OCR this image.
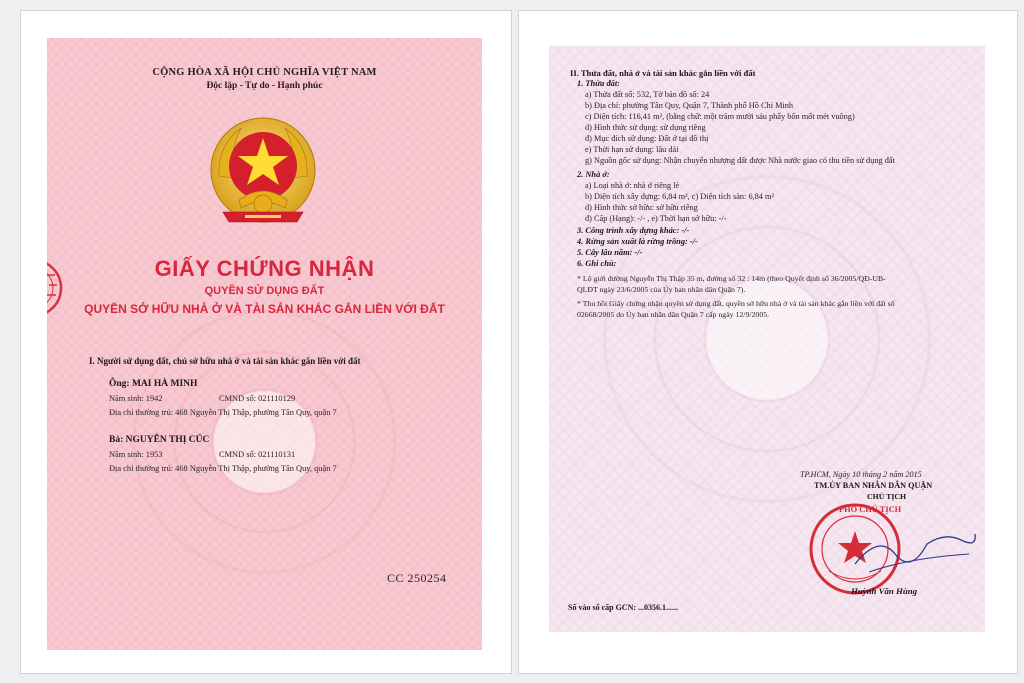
CỘNG HÒA XÃ HỘI CHỦ NGHĨA VIỆT NAM
Độc lập - Tự do - Hạnh phúc
GIẤY CHỨNG NHẬN
QUYỀN SỬ DỤNG ĐẤT
QUYỀN SỞ HỮU NHÀ Ở VÀ TÀI SẢN KHÁC GẮN LIỀN VỚI ĐẤT
I. Người sử dụng đất, chủ sở hữu nhà ở và tài sản khác gắn liền với đất
Ông: MAI HÀ MINH
Năm sinh: 1942	CMND số: 021110129
Địa chỉ thường trú: 468 Nguyễn Thị Thập, phường Tân Quy, quận 7
Bà: NGUYỄN THỊ CÚC
Năm sinh: 1953	CMND số: 021110131
Địa chỉ thường trú: 468 Nguyễn Thị Thập, phường Tân Quy, quận 7
CC 250254
II. Thửa đất, nhà ở và tài sản khác gắn liền với đất
1. Thửa đất:
a) Thửa đất số: 532, Tờ bản đồ số: 24
b) Địa chỉ: phường Tân Quy, Quận 7, Thành phố Hồ Chí Minh
c) Diện tích: 116,41 m², (bằng chữ: một trăm mười sáu phẩy bốn mốt mét vuông)
d) Hình thức sử dụng: sử dụng riêng
đ) Mục đích sử dụng: Đất ở tại đô thị
e) Thời hạn sử dụng: lâu dài
g) Nguồn gốc sử dụng: Nhận chuyển nhượng đất được Nhà nước giao có thu tiền sử dụng đất
2. Nhà ở:
a) Loại nhà ở: nhà ở riêng lẻ
b) Diện tích xây dựng: 6,84 m², c) Diện tích sàn: 6,84 m²
d) Hình thức sở hữu: sở hữu riêng
đ) Cấp (Hạng): -/- , e) Thời hạn sở hữu: -/-
3. Công trình xây dựng khác: -/-
4. Rừng sản xuất là rừng trồng: -/-
5. Cây lâu năm: -/-
6. Ghi chú:
* Lộ giới đường Nguyễn Thị Thập 35 m, đường số 32 : 14m (theo Quyết định số 36/2005/QĐ-UB-
QLĐT ngày 23/6/2005 của Ủy ban nhân dân Quận 7).
* Thu hồi Giấy chứng nhận quyền sử dụng đất, quyền sở hữu nhà ở và tài sản khác gắn liền với đất số
02668/2005 do Ủy ban nhân dân Quận 7 cấp ngày 12/9/2005.
TP.HCM, Ngày 10 tháng 2 năm 2015
TM.ỦY BAN NHÂN DÂN QUẬN
CHỦ TỊCH
PHÓ CHỦ TỊCH
Huỳnh Văn Hùng
Số vào sổ cấp GCN: ...0356.1......
